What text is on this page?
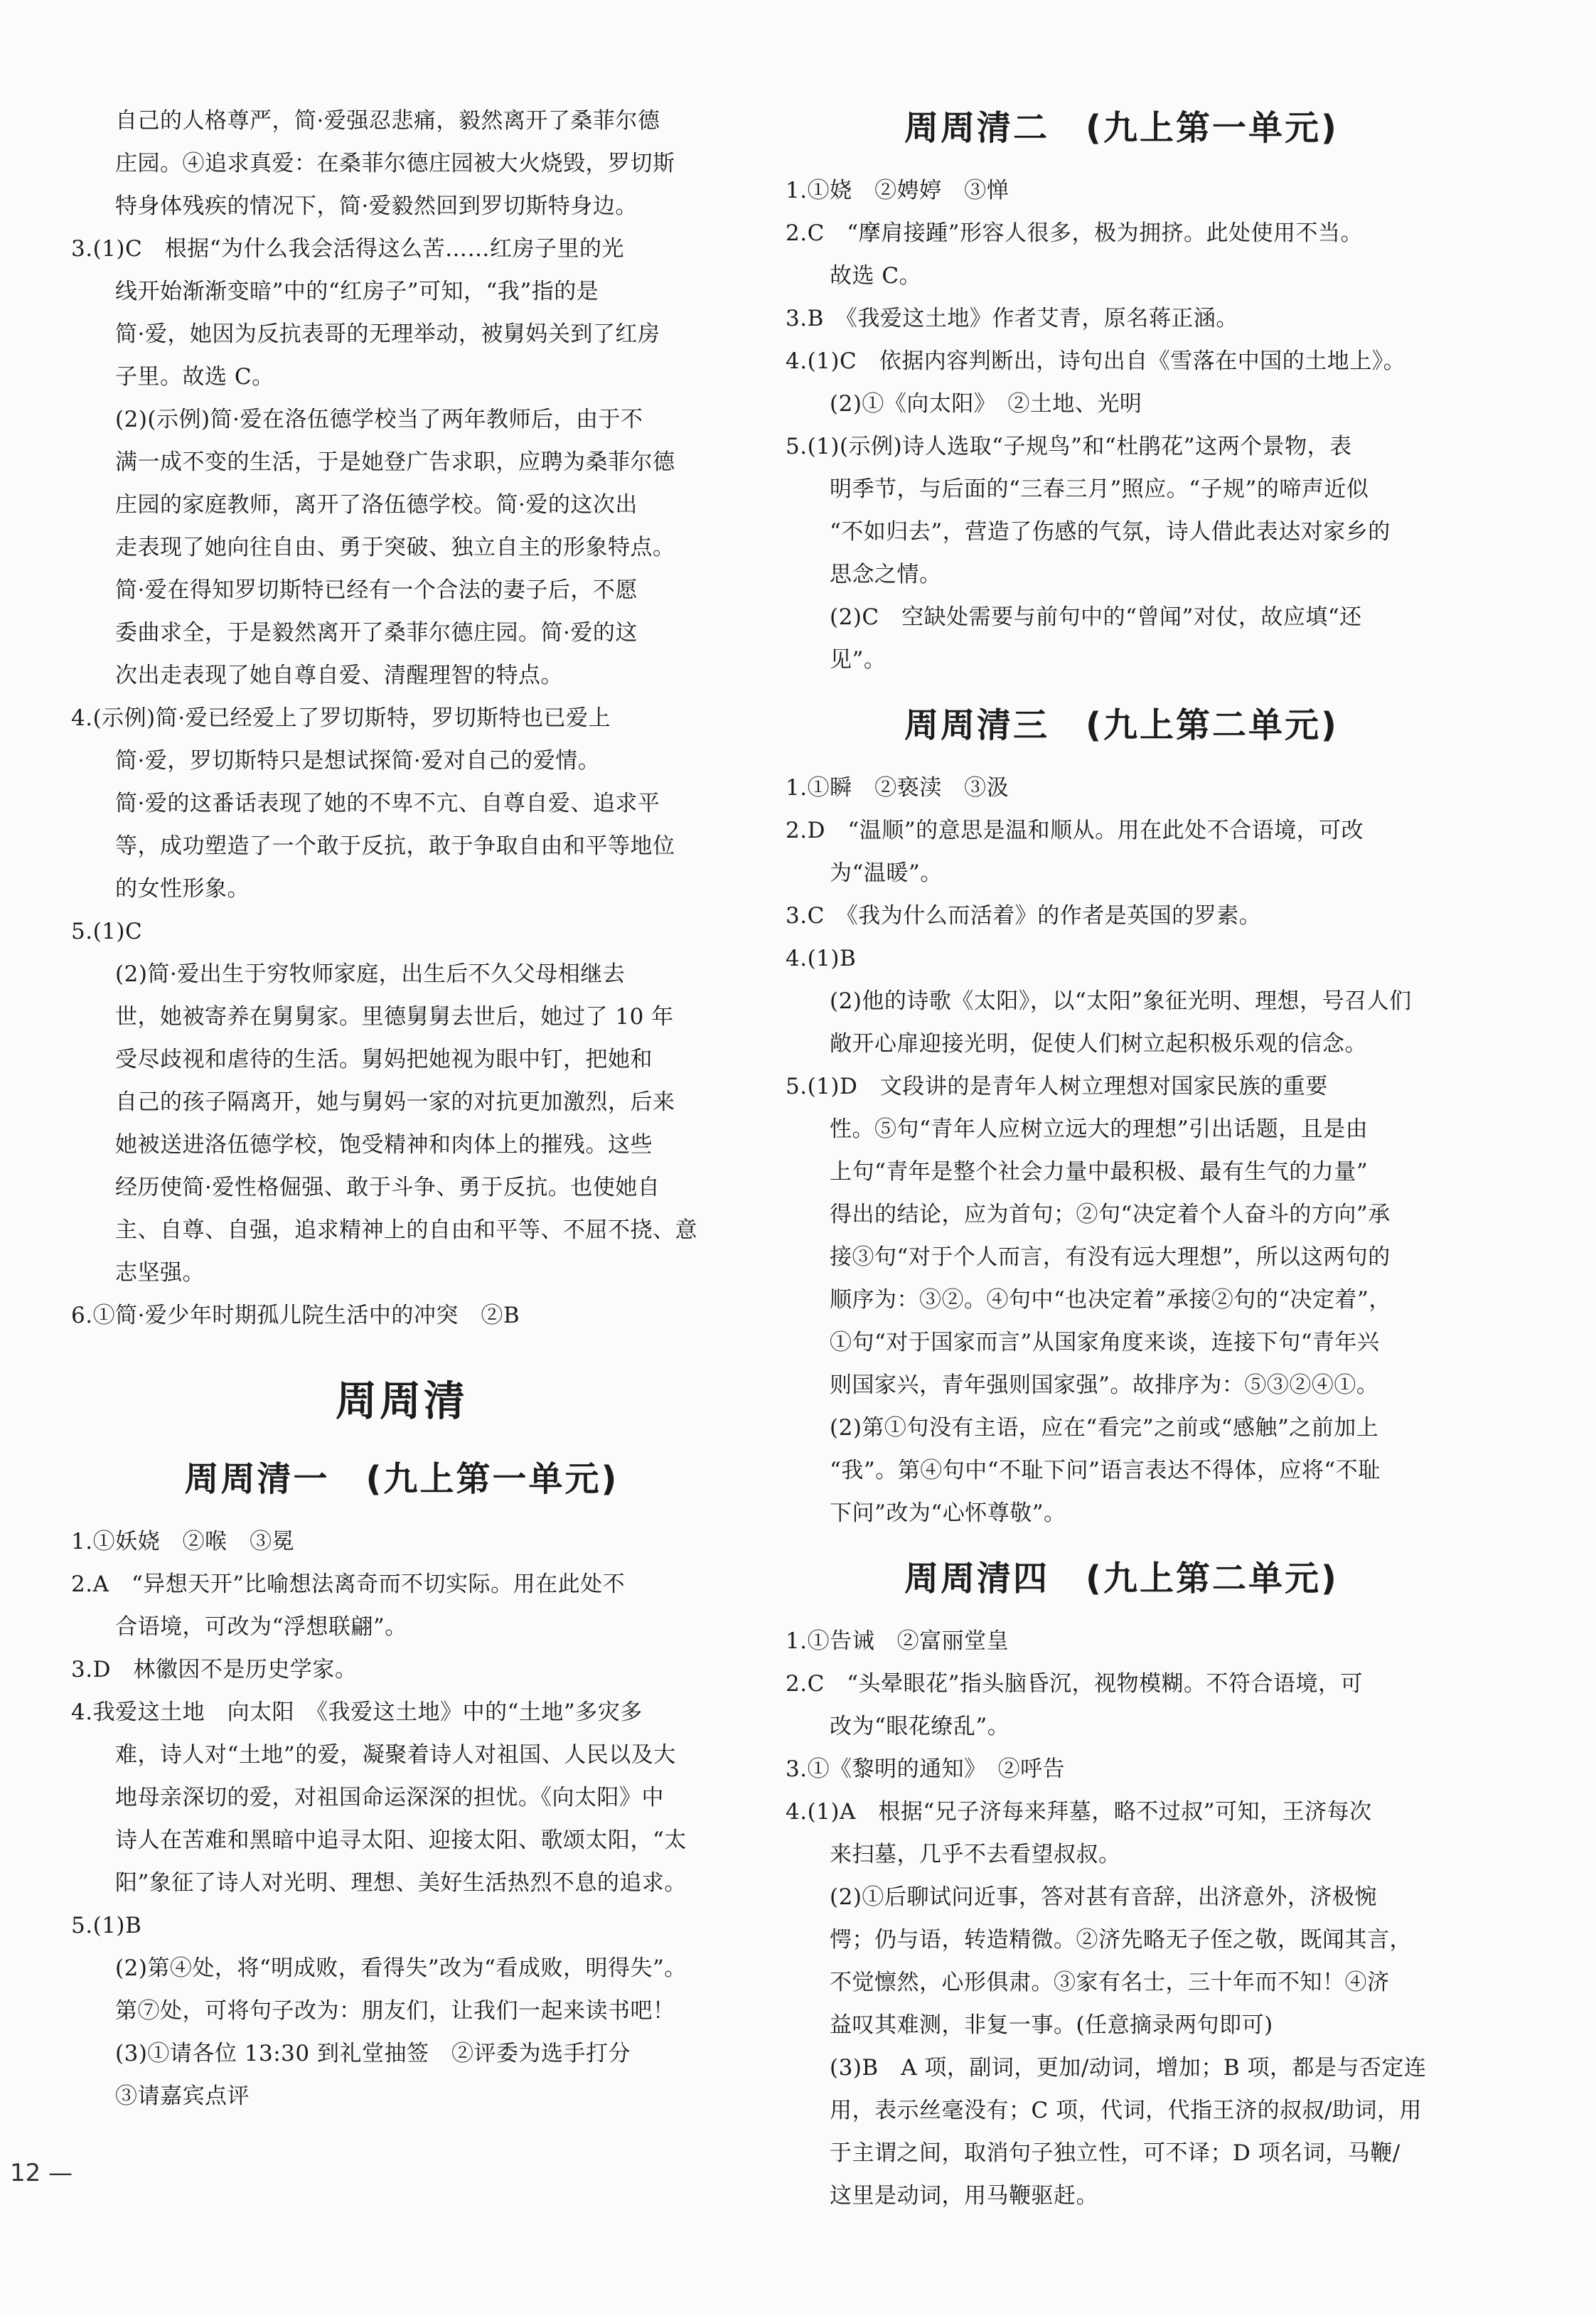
自己的人格尊严，简·爱强忍悲痛，毅然离开了桑菲尔德

庄园。④追求真爱：在桑菲尔德庄园被大火烧毁，罗切斯

特身体残疾的情况下，简·爱毅然回到罗切斯特身边。

3.(1)C　根据“为什么我会活得这么苦……红房子里的光

线开始渐渐变暗”中的“红房子”可知，“我”指的是

简·爱，她因为反抗表哥的无理举动，被舅妈关到了红房

子里。故选 C。

(2)(示例)简·爱在洛伍德学校当了两年教师后，由于不

满一成不变的生活，于是她登广告求职，应聘为桑菲尔德

庄园的家庭教师，离开了洛伍德学校。简·爱的这次出

走表现了她向往自由、勇于突破、独立自主的形象特点。

简·爱在得知罗切斯特已经有一个合法的妻子后，不愿

委曲求全，于是毅然离开了桑菲尔德庄园。简·爱的这

次出走表现了她自尊自爱、清醒理智的特点。

4.(示例)简·爱已经爱上了罗切斯特，罗切斯特也已爱上

简·爱，罗切斯特只是想试探简·爱对自己的爱情。

简·爱的这番话表现了她的不卑不亢、自尊自爱、追求平

等，成功塑造了一个敢于反抗，敢于争取自由和平等地位

的女性形象。

5.(1)C

(2)简·爱出生于穷牧师家庭，出生后不久父母相继去

世，她被寄养在舅舅家。里德舅舅去世后，她过了 10 年

受尽歧视和虐待的生活。舅妈把她视为眼中钉，把她和

自己的孩子隔离开，她与舅妈一家的对抗更加激烈，后来

她被送进洛伍德学校，饱受精神和肉体上的摧残。这些

经历使简·爱性格倔强、敢于斗争、勇于反抗。也使她自

主、自尊、自强，追求精神上的自由和平等、不屈不挠、意

志坚强。

6.①简·爱少年时期孤儿院生活中的冲突　②B

周周清
周周清一　(九上第一单元)

1.①妖娆　②喉　③冕

2.A　“异想天开”比喻想法离奇而不切实际。用在此处不

合语境，可改为“浮想联翩”。

3.D　林徽因不是历史学家。

4.我爱这土地　向太阳　《我爱这土地》中的“土地”多灾多

难，诗人对“土地”的爱，凝聚着诗人对祖国、人民以及大

地母亲深切的爱，对祖国命运深深的担忧。《向太阳》中

诗人在苦难和黑暗中追寻太阳、迎接太阳、歌颂太阳，“太

阳”象征了诗人对光明、理想、美好生活热烈不息的追求。

5.(1)B

(2)第④处，将“明成败，看得失”改为“看成败，明得失”。

第⑦处，可将句子改为：朋友们，让我们一起来读书吧！

(3)①请各位 13:30 到礼堂抽签　②评委为选手打分

③请嘉宾点评

周周清二　(九上第一单元)

1.①娆　②娉婷　③惮

2.C　“摩肩接踵”形容人很多，极为拥挤。此处使用不当。

故选 C。

3.B　《我爱这土地》作者艾青，原名蒋正涵。

4.(1)C　依据内容判断出，诗句出自《雪落在中国的土地上》。

(2)①《向太阳》　②土地、光明

5.(1)(示例)诗人选取“子规鸟”和“杜鹃花”这两个景物，表

明季节，与后面的“三春三月”照应。“子规”的啼声近似

“不如归去”，营造了伤感的气氛，诗人借此表达对家乡的

思念之情。

(2)C　空缺处需要与前句中的“曾闻”对仗，故应填“还

见”。

周周清三　(九上第二单元)

1.①瞬　②亵渎　③汲

2.D　“温顺”的意思是温和顺从。用在此处不合语境，可改

为“温暖”。

3.C　《我为什么而活着》的作者是英国的罗素。

4.(1)B

(2)他的诗歌《太阳》，以“太阳”象征光明、理想，号召人们

敞开心扉迎接光明，促使人们树立起积极乐观的信念。

5.(1)D　文段讲的是青年人树立理想对国家民族的重要

性。⑤句“青年人应树立远大的理想”引出话题，且是由

上句“青年是整个社会力量中最积极、最有生气的力量”

得出的结论，应为首句；②句“决定着个人奋斗的方向”承

接③句“对于个人而言，有没有远大理想”，所以这两句的

顺序为：③②。④句中“也决定着”承接②句的“决定着”，

①句“对于国家而言”从国家角度来谈，连接下句“青年兴

则国家兴，青年强则国家强”。故排序为：⑤③②④①。

(2)第①句没有主语，应在“看完”之前或“感触”之前加上

“我”。第④句中“不耻下问”语言表达不得体，应将“不耻

下问”改为“心怀尊敬”。

周周清四　(九上第二单元)

1.①告诫　②富丽堂皇

2.C　“头晕眼花”指头脑昏沉，视物模糊。不符合语境，可

改为“眼花缭乱”。

3.①《黎明的通知》　②呼告

4.(1)A　根据“兄子济每来拜墓，略不过叔”可知，王济每次

来扫墓，几乎不去看望叔叔。

(2)①后聊试问近事，答对甚有音辞，出济意外，济极惋

愕；仍与语，转造精微。②济先略无子侄之敬，既闻其言，

不觉懔然，心形俱肃。③家有名士，三十年而不知！④济

益叹其难测，非复一事。(任意摘录两句即可)

(3)B　A 项，副词，更加/动词，增加；B 项，都是与否定连

用，表示丝毫没有；C 项，代词，代指王济的叔叔/助词，用

于主谓之间，取消句子独立性，可不译；D 项名词，马鞭/

这里是动词，用马鞭驱赶。

12 —
